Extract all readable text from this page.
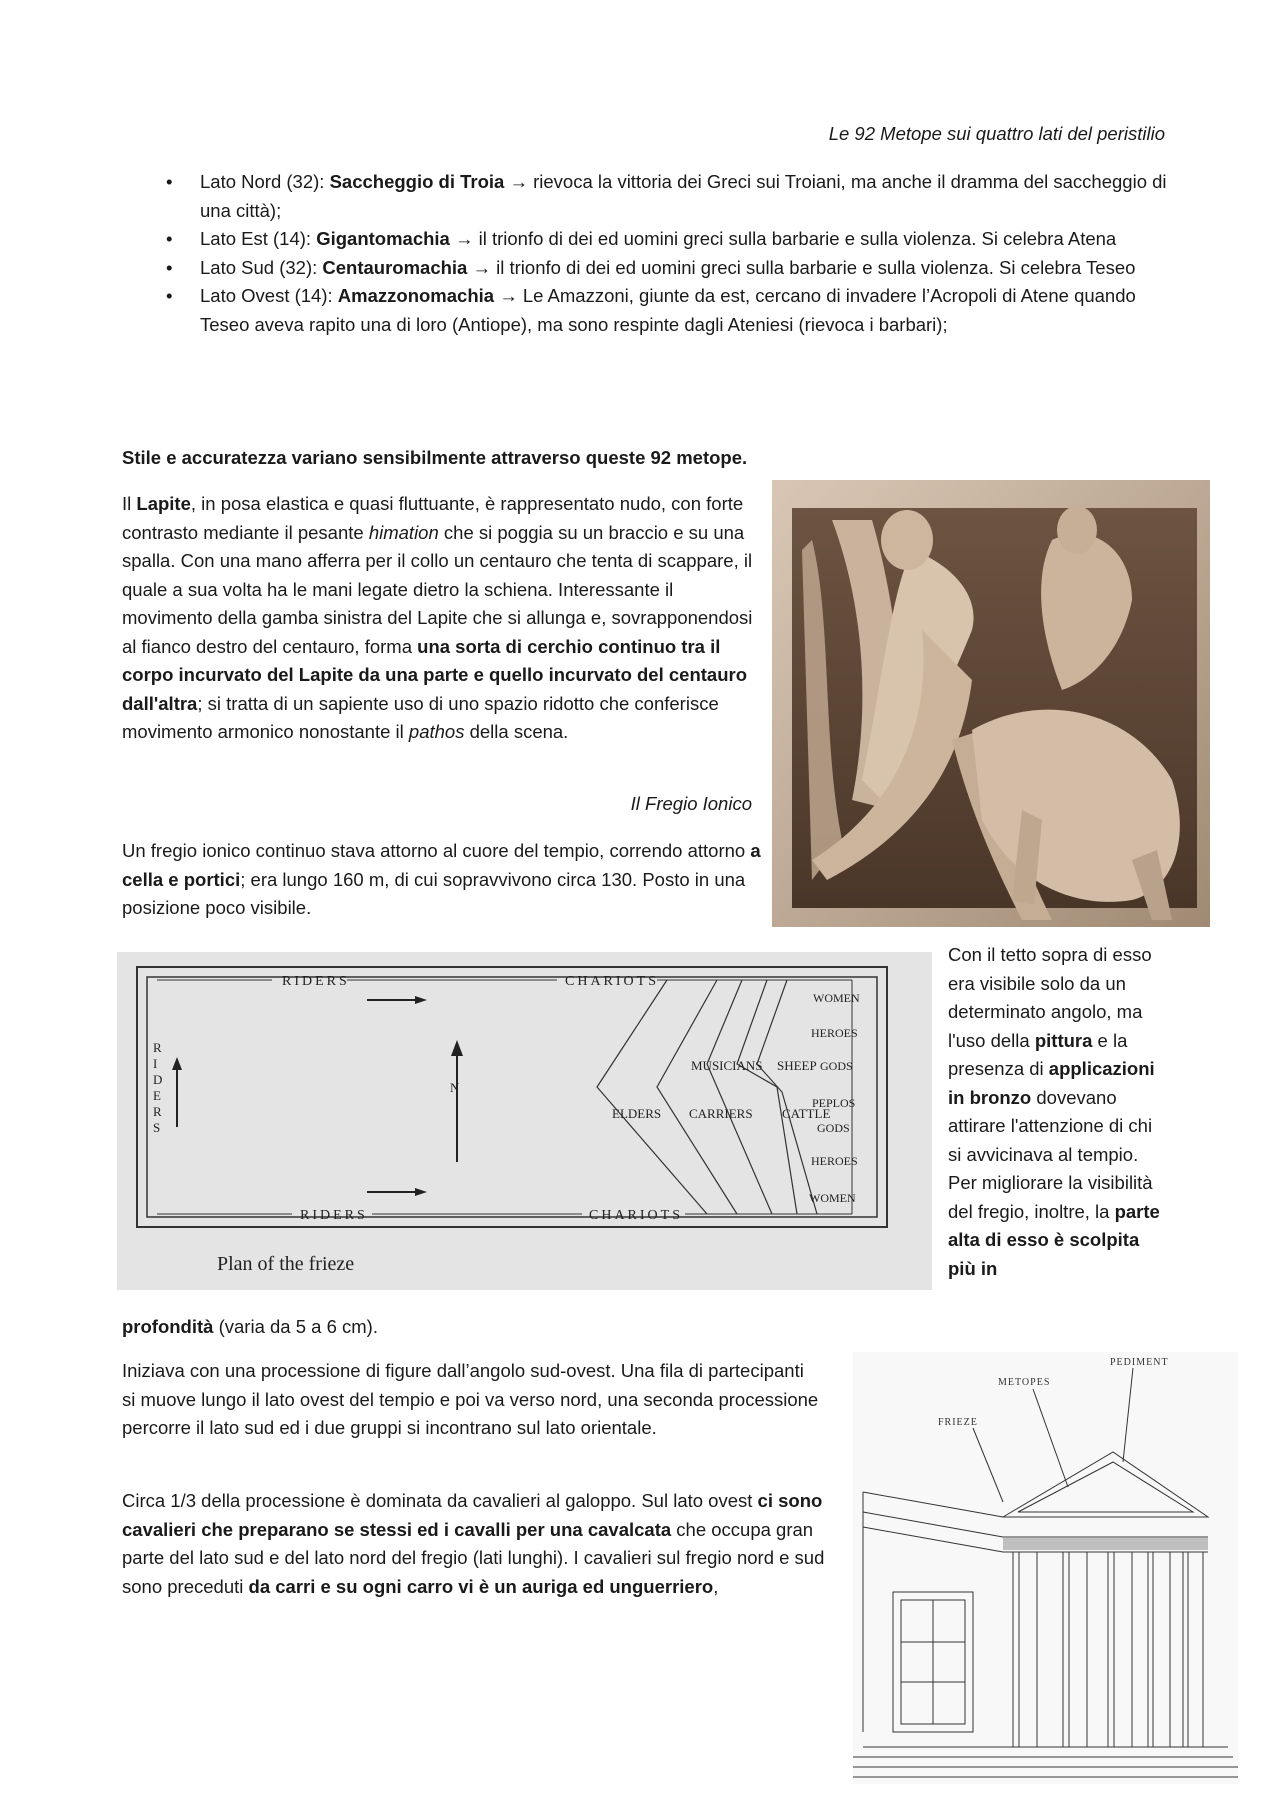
Le 92 Metope sui quattro lati del peristilio

• Lato Nord (32): Saccheggio di Troia → rievoca la vittoria dei Greci sui Troiani, ma anche il dramma del saccheggio di una città);
• Lato Est (14): Gigantomachia → il trionfo di dei ed uomini greci sulla barbarie e sulla violenza. Si celebra Atena
• Lato Sud (32): Centauromachia → il trionfo di dei ed uomini greci sulla barbarie e sulla violenza. Si celebra Teseo
• Lato Ovest (14): Amazzonomachia → Le Amazzoni, giunte da est, cercano di invadere l’Acropoli di Atene quando Teseo aveva rapito una di loro (Antiope), ma sono respinte dagli Ateniesi (rievoca i barbari);

Stile e accuratezza variano sensibilmente attraverso queste 92 metope.

Il Lapite, in posa elastica e quasi fluttuante, è rappresentato nudo, con forte contrasto mediante il pesante himation che si poggia su un braccio e su una spalla. Con una mano afferra per il collo un centauro che tenta di scappare, il quale a sua volta ha le mani legate dietro la schiena. Interessante il movimento della gamba sinistra del Lapite che si allunga e, sovrapponendosi al fianco destro del centauro, forma una sorta di cerchio continuo tra il corpo incurvato del Lapite da una parte e quello incurvato del centauro dall'altra; si tratta di un sapiente uso di uno spazio ridotto che conferisce movimento armonico nonostante il pathos della scena.

Il Fregio Ionico

Un fregio ionico continuo stava attorno al cuore del tempio, correndo attorno a cella e portici; era lungo 160 m, di cui sopravvivono circa 130. Posto in una posizione poco visibile.

RIDERS	CHARIOTS
RIDERS	CHARIOTS
R
I
D
E
R
S
N
WOMEN
HEROES
GODS
PEPLOS
GODS
HEROES
WOMEN
MUSICIANS SHEEP
ELDERS CARRIERS CATTLE
Plan of the frieze

Con il tetto sopra di esso era visibile solo da un determinato angolo, ma l'uso della pittura e la presenza di applicazioni in bronzo dovevano attirare l'attenzione di chi si avvicinava al tempio. Per migliorare la visibilità del fregio, inoltre, la parte alta di esso è scolpita più in

profondità (varia da 5 a 6 cm).

Iniziava con una processione di figure dall’angolo sud-ovest. Una fila di partecipanti si muove lungo il lato ovest del tempio e poi va verso nord, una seconda processione percorre il lato sud ed i due gruppi si incontrano sul lato orientale.

Circa 1/3 della processione è dominata da cavalieri al galoppo. Sul lato ovest ci sono cavalieri che preparano se stessi ed i cavalli per una cavalcata che occupa gran parte del lato sud e del lato nord del fregio (lati lunghi). I cavalieri sul fregio nord e sud sono preceduti da carri e su ogni carro vi è un auriga ed unguerriero,

PEDIMENT
METOPES
FRIEZE
